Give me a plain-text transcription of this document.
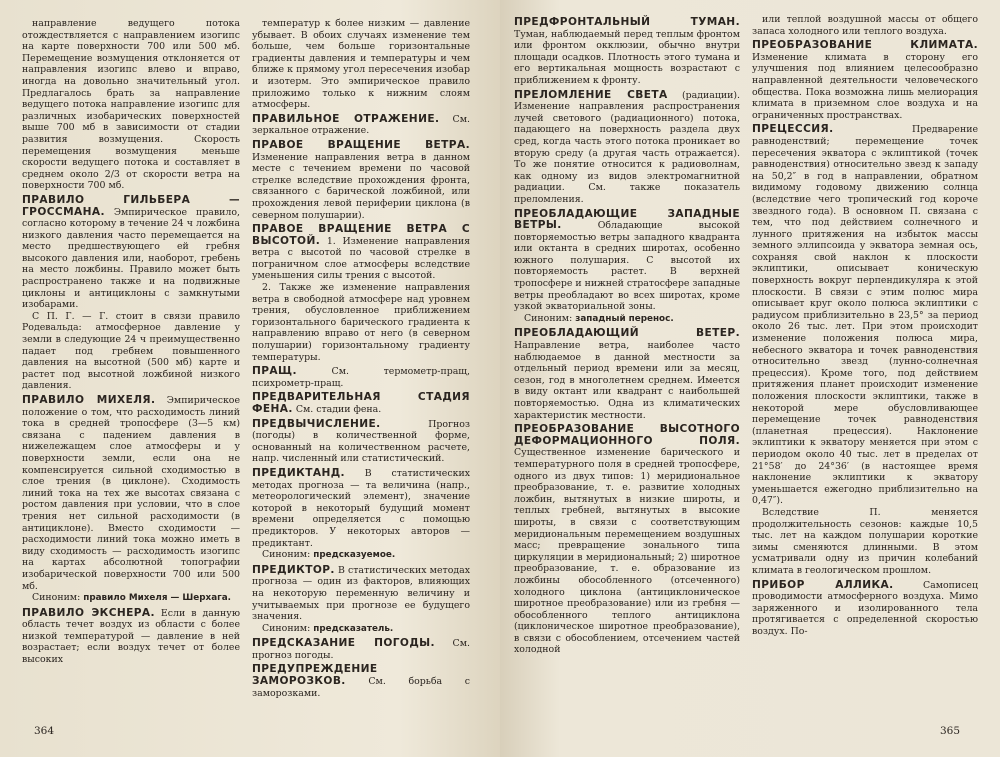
направление ведущего потока отождествляется с направлением изогипс на карте поверхности 700 или 500 мб. Перемещение возмущения отклоняется от направления изогипс влево и вправо, иногда на довольно значительный угол. Предлагалось брать за направление ведущего потока направление изогипс для различных изобарических поверхностей выше 700 мб в зависимости от стадии развития возмущения. Скорость перемещения возмущения меньше скорости ведущего потока и составляет в среднем около 2/3 от скорости ветра на поверхности 700 мб.

ПРАВИЛО ГИЛЬБЕРА — ГРОССМАНА. Эмпирическое правило, согласно которому в течение 24 ч ложбина низкого давления часто перемещается на место предшествующего ей гребня высокого давления или, наоборот, гребень на место ложбины. Правило может быть распространено также и на подвижные циклоны и антициклоны с замкнутыми изобарами.

С П. Г. — Г. стоит в связи правило Родевальда: атмосферное давление у земли в следующие 24 ч преимущественно падает под гребнем повышенного давления на высотной (500 мб) карте и растет под высотной ложбиной низкого давления.

ПРАВИЛО МИХЕЛЯ. Эмпирическое положение о том, что расходимость линий тока в средней тропосфере (3—5 км) связана с падением давления в нижележащем слое атмосферы и у поверхности земли, если она не компенсируется сильной сходимостью в слое трения (в циклоне). Сходимость линий тока на тех же высотах связана с ростом давления при условии, что в слое трения нет сильной расходимости (в антициклоне). Вместо сходимости — расходимости линий тока можно иметь в виду сходимость — расходимость изогипс на картах абсолютной топографии изобарической поверхности 700 или 500 мб.

Синоним: правило Михеля — Шерхага.

ПРАВИЛО ЭКСНЕРА. Если в данную область течет воздух из области с более низкой температурой — давление в ней возрастает; если воздух течет от более высоких

температур к более низким — давление убывает. В обоих случаях изменение тем больше, чем больше горизонтальные градиенты давления и температуры и чем ближе к прямому угол пересечения изобар и изотерм. Это эмпирическое правило приложимо только к нижним слоям атмосферы.

ПРАВИЛЬНОЕ ОТРАЖЕНИЕ. См. зеркальное отражение.

ПРАВОЕ ВРАЩЕНИЕ ВЕТРА. Изменение направления ветра в данном месте с течением времени по часовой стрелке вследствие прохождения фронта, связанного с барической ложбиной, или прохождения левой периферии циклона (в северном полушарии).

ПРАВОЕ ВРАЩЕНИЕ ВЕТРА С ВЫСОТОЙ. 1. Изменение направления ветра с высотой по часовой стрелке в пограничном слое атмосферы вследствие уменьшения силы трения с высотой.

2. Также же изменение направления ветра в свободной атмосфере над уровнем трения, обусловленное приближением горизонтального барического градиента к направлению вправо от него (в северном полушарии) горизонтальному градиенту температуры.

ПРАЩ. См. термометр-пращ, психрометр-пращ.

ПРЕДВАРИТЕЛЬНАЯ СТАДИЯ ФЕНА. См. стадии фена.

ПРЕДВЫЧИСЛЕНИЕ. Прогноз (погоды) в количественной форме, основанный на количественном расчете, напр. численный или статистический.

ПРЕДИКТАНД. В статистических методах прогноза — та величина (напр., метеорологический элемент), значение которой в некоторый будущий момент времени определяется с помощью предикторов. У некоторых авторов — предиктант.

Синоним: предсказуемое.

ПРЕДИКТОР. В статистических методах прогноза — один из факторов, влияющих на некоторую переменную величину и учитываемых при прогнозе ее будущего значения.

Синоним: предсказатель.

ПРЕДСКАЗАНИЕ ПОГОДЫ. См. прогноз погоды.

ПРЕДУПРЕЖДЕНИЕ ЗАМОРОЗКОВ. См. борьба с заморозками.

364

ПРЕДФРОНТАЛЬНЫЙ ТУМАН. Туман, наблюдаемый перед теплым фронтом или фронтом окклюзии, обычно внутри площади осадков. Плотность этого тумана и его вертикальная мощность возрастают с приближением к фронту.

ПРЕЛОМЛЕНИЕ СВЕТА (радиации). Изменение направления распространения лучей светового (радиационного) потока, падающего на поверхность раздела двух сред, когда часть этого потока проникает во вторую среду (а другая часть отражается). То же понятие относится к радиоволнам, как одному из видов электромагнитной радиации. См. также показатель преломления.

ПРЕОБЛАДАЮЩИЕ ЗАПАДНЫЕ ВЕТРЫ. Обладающие высокой повторяемостью ветры западного квадранта или октанта в средних широтах, особенно южного полушария. С высотой их повторяемость растет. В верхней тропосфере и нижней стратосфере западные ветры преобладают во всех широтах, кроме узкой экваториальной зоны.

Синоним: западный перенос.

ПРЕОБЛАДАЮЩИЙ ВЕТЕР. Направление ветра, наиболее часто наблюдаемое в данной местности за отдельный период времени или за месяц, сезон, год в многолетнем среднем. Имеется в виду октант или квадрант с наибольшей повторяемостью. Одна из климатических характеристик местности.

ПРЕОБРАЗОВАНИЕ ВЫСОТНОГО ДЕФОРМАЦИОННОГО ПОЛЯ. Существенное изменение барического и температурного поля в средней тропосфере, одного из двух типов: 1) меридиональное преобразование, т. е. развитие холодных ложбин, вытянутых в низкие широты, и теплых гребней, вытянутых в высокие широты, в связи с соответствующим меридиональным перемещением воздушных масс; превращение зонального типа циркуляции в меридиональный; 2) широтное преобразование, т. е. образование из ложбины обособленного (отсеченного) холодного циклона (антициклоническое широтное преобразование) или из гребня — обособленного теплого антициклона (циклоническое широтное преобразование), в связи с обособлением, отсечением частей холодной

или теплой воздушной массы от общего запаса холодного или теплого воздуха.

ПРЕОБРАЗОВАНИЕ КЛИМАТА. Изменение климата в сторону его улучшения под влиянием целесообразно направленной деятельности человеческого общества. Пока возможна лишь мелиорация климата в приземном слое воздуха и на ограниченных пространствах.

ПРЕЦЕССИЯ. Предварение равноденствий; перемещение точек пересечения экватора с эклиптикой (точек равноденствия) относительно звезд к западу на 50,2″ в год в направлении, обратном видимому годовому движению солнца (вследствие чего тропический год короче звездного года). В основном П. связана с тем, что под действием солнечного и лунного притяжения на избыток массы земного эллипсоида у экватора земная ось, сохраняя свой наклон к плоскости эклиптики, описывает коническую поверхность вокруг перпендикуляра к этой плоскости. В связи с этим полюс мира описывает круг около полюса эклиптики с радиусом приблизительно в 23,5° за период около 26 тыс. лет. При этом происходит изменение положения полюса мира, небесного экватора и точек равноденствия относительно звезд (лунно-солнечная прецессия). Кроме того, под действием притяжения планет происходит изменение положения плоскости эклиптики, также в некоторой мере обусловливающее перемещение точек равноденствия (планетная прецессия). Наклонение эклиптики к экватору меняется при этом с периодом около 40 тыс. лет в пределах от 21°58′ до 24°36′ (в настоящее время наклонение эклиптики к экватору уменьшается ежегодно приблизительно на 0,47″).

Вследствие П. меняется продолжительность сезонов: каждые 10,5 тыс. лет на каждом полушарии короткие зимы сменяются длинными. В этом усматривали одну из причин колебаний климата в геологическом прошлом.

ПРИБОР АЛЛИКА. Самописец проводимости атмосферного воздуха. Мимо заряженного и изолированного тела протягивается с определенной скоростью воздух. По-

365
